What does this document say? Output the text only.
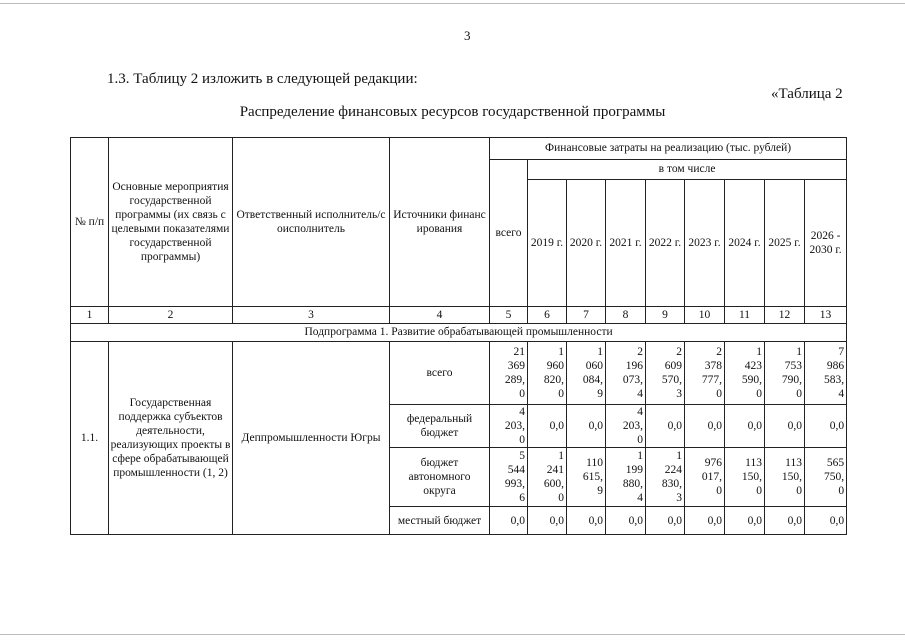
3
1.3. Таблицу 2 изложить в следующей редакции:
«Таблица 2
Распределение финансовых ресурсов государственной программы
№ п/п	Основные мероприятия государственной программы (их связь с целевыми показателями государственной программы)	Ответственный исполнитель/соисполнитель	Источники финансирования	Финансовые затраты на реализацию (тыс. рублей)								
				всего	в том числе							
					2019 г.	2020 г.	2021 г.	2022 г.	2023 г.	2024 г.	2025 г.	2026 - 2030 г.
1	2	3	4	5	6	7	8	9	10	11	12	13
Подпрограмма 1. Развитие обрабатывающей промышленности												
1.1.	Государственная поддержка субъектов деятельности, реализующих проекты в сфере обрабатывающей промышленности (1, 2)	Деппромышленности Югры	всего	21
369
289,
0	1
960
820,
0	1
060
084,
9	2
196
073,
4	2
609
570,
3	2
378
777,
0	1
423
590,
0	1
753
790,
0	7
986
583,
4

			федеральный бюджет	4
203,
0	0,0	0,0	4
203,
0	0,0	0,0	0,0	0,0	0,0

			бюджет автономного округа	5
544
993,
6	1
241
600,
0	110
615,
9	1
199
880,
4	1
224
830,
3	976
017,
0	113
150,
0	113
150,
0	565
750,
0

			местный бюджет	0,0	0,0	0,0	0,0	0,0	0,0	0,0	0,0	0,0
